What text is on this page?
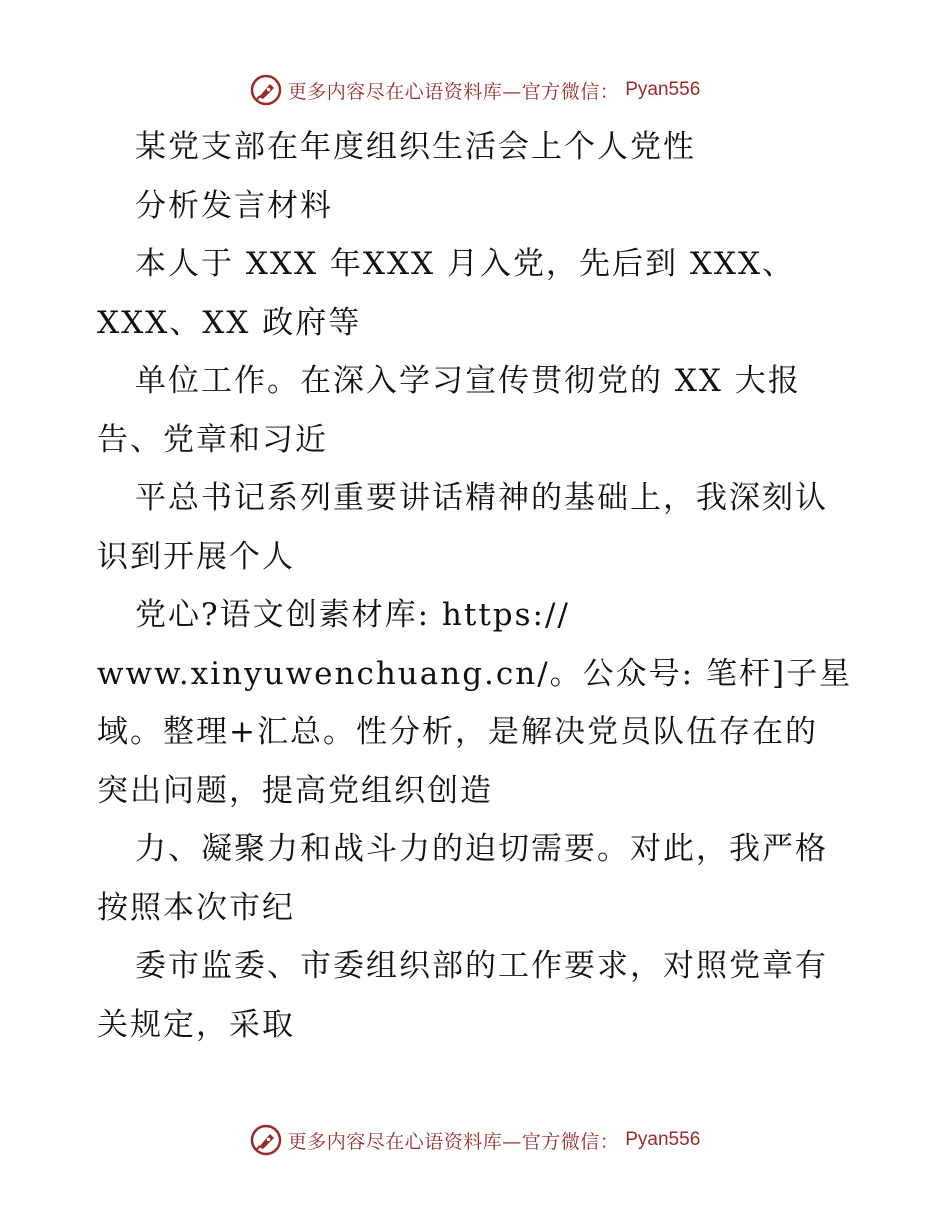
更多内容尽在心语资料库—官方微信： Pyan556
某党支部在年度组织生活会上个人党性
分析发言材料
本人于 XXX 年XXX 月入党，先后到 XXX、
XXX、XX 政府等
单位工作。在深入学习宣传贯彻党的 XX 大报
告、党章和习近
平总书记系列重要讲话精神的基础上，我深刻认
识到开展个人
党心?语文创素材库: https://
www.xinyuwenchuang.cn/。公众号: 笔杆]子星
域。整理+汇总。性分析，是解决党员队伍存在的
突出问题，提高党组织创造
力、凝聚力和战斗力的迫切需要。对此，我严格
按照本次市纪
委市监委、市委组织部的工作要求，对照党章有
关规定，采取
更多内容尽在心语资料库—官方微信： Pyan556
